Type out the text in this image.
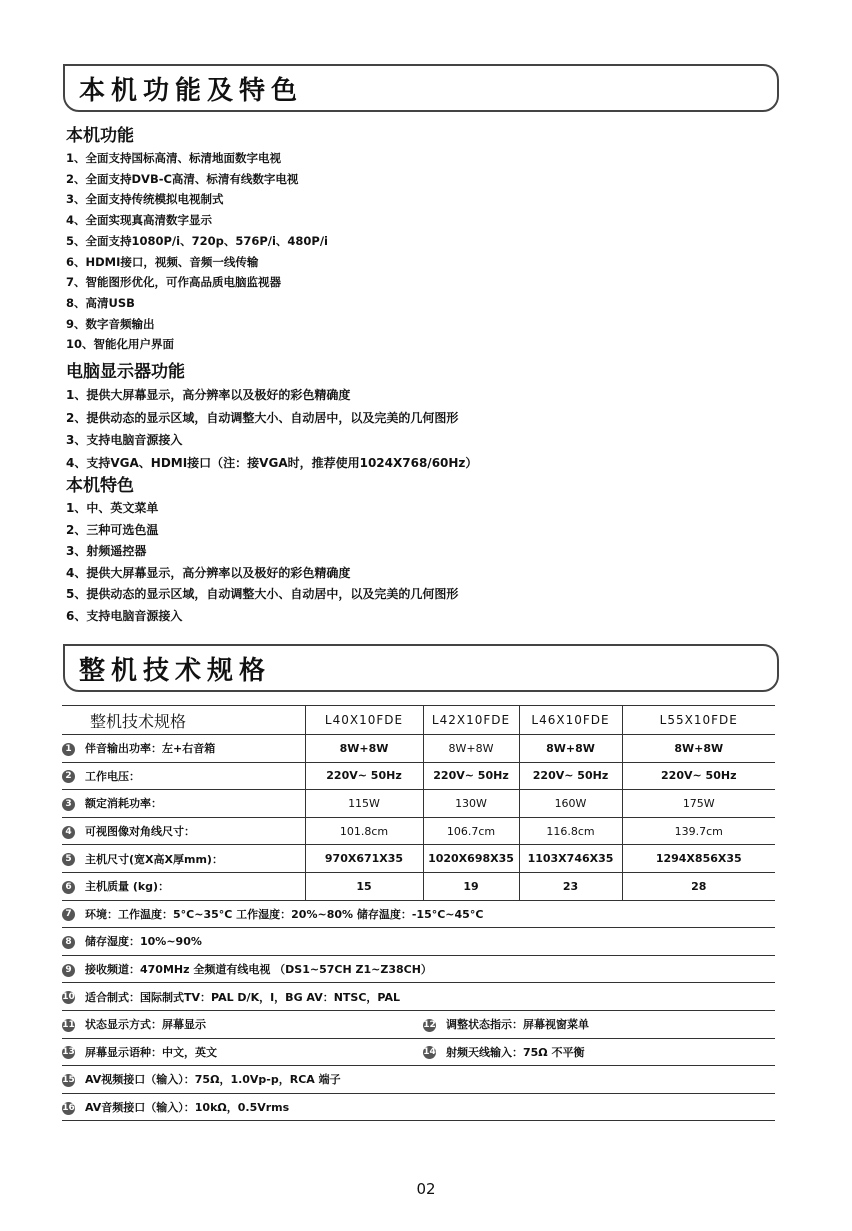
本机功能及特色
本机功能
1、全面支持国标高清、标清地面数字电视
2、全面支持DVB-C高清、标清有线数字电视
3、全面支持传统模拟电视制式
4、全面实现真高清数字显示
5、全面支持1080P/i、720p、576P/i、480P/i
6、HDMI接口，视频、音频一线传输
7、智能图形优化，可作高品质电脑监视器
8、高清USB
9、数字音频输出
10、智能化用户界面
电脑显示器功能
1、提供大屏幕显示，高分辨率以及极好的彩色精确度
2、提供动态的显示区域，自动调整大小、自动居中，以及完美的几何图形
3、支持电脑音源接入
4、支持VGA、HDMI接口（注：接VGA时，推荐使用1024X768/60Hz）
本机特色
1、中、英文菜单
2、三种可选色温
3、射频遥控器
4、提供大屏幕显示，高分辨率以及极好的彩色精确度
5、提供动态的显示区域，自动调整大小、自动居中，以及完美的几何图形
6、支持电脑音源接入
整机技术规格
整机技术规格	L40X10FDE	L42X10FDE	L46X10FDE	L55X10FDE
1 伴音输出功率：左+右音箱	8W+8W	8W+8W	8W+8W	8W+8W
2 工作电压：	220V~ 50Hz	220V~ 50Hz	220V~ 50Hz	220V~ 50Hz
3 额定消耗功率：	115W	130W	160W	175W
4 可视图像对角线尺寸：	101.8cm	106.7cm	116.8cm	139.7cm
5 主机尺寸(宽X高X厚mm)：	970X671X35	1020X698X35	1103X746X35	1294X856X35
6 主机质量 (kg)：	15	19	23	28
7 环境：工作温度：5°C~35°C 工作湿度：20%~80% 储存温度：-15°C~45°C				
8 储存湿度：10%~90%				
9 接收频道：470MHz 全频道有线电视 （DS1~57CH Z1~Z38CH）				
10 适合制式：国际制式TV：PAL D/K，I，BG AV：NTSC，PAL				
11 状态显示方式：屏幕显示		12 调整状态指示：屏幕视窗菜单		
13 屏幕显示语种：中文，英文		14 射频天线输入：75Ω 不平衡		
15 AV视频接口（输入）：75Ω，1.0Vp-p，RCA 端子				
16 AV音频接口（输入）：10kΩ，0.5Vrms				
02
